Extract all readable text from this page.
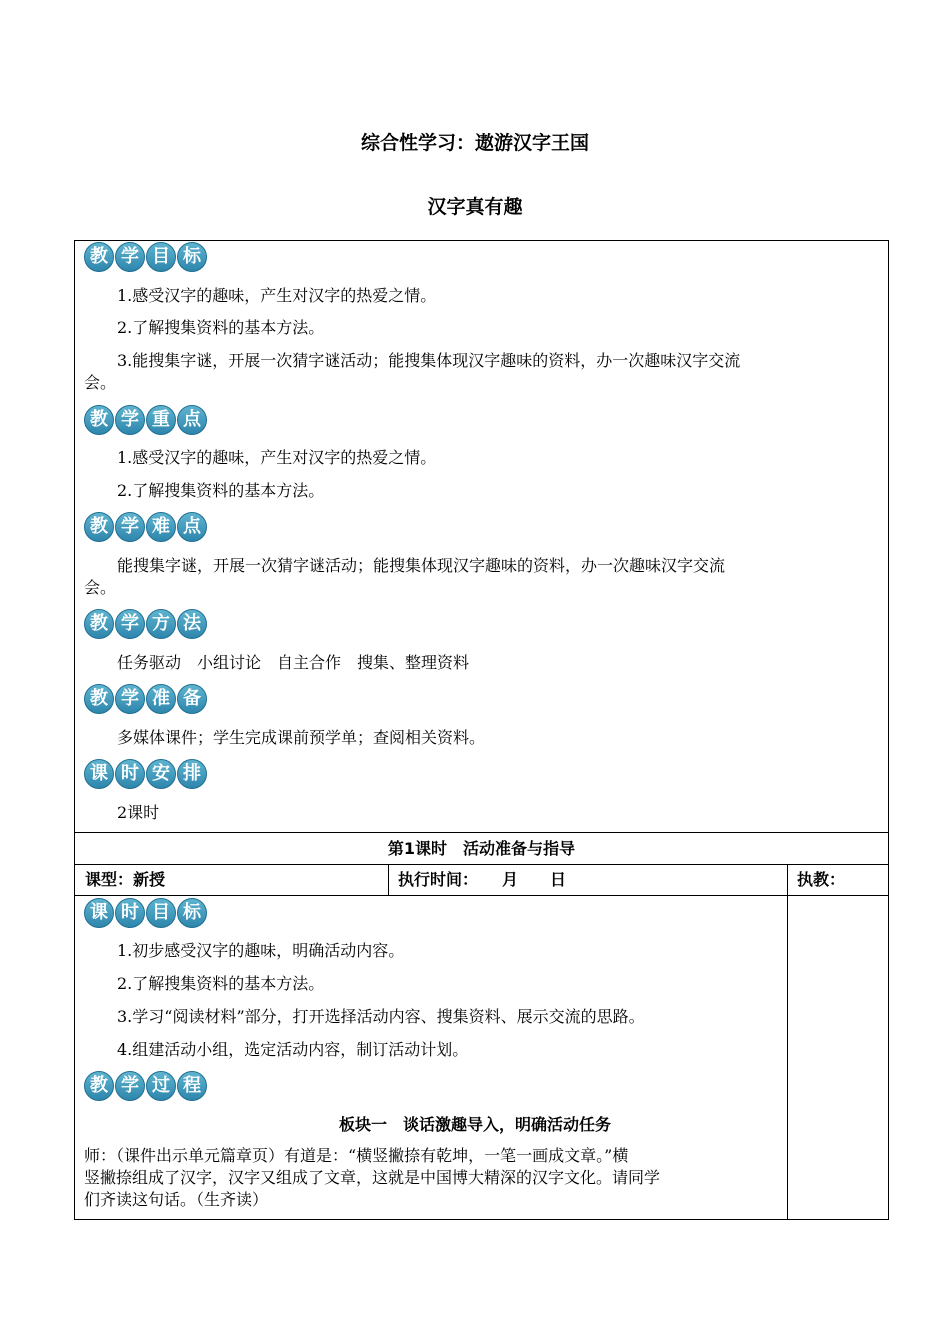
综合性学习：遨游汉字王国
汉字真有趣
教 学 目 标
1.感受汉字的趣味，产生对汉字的热爱之情。
2.了解搜集资料的基本方法。
3.能搜集字谜，开展一次猜字谜活动；能搜集体现汉字趣味的资料，办一次趣味汉字交流
会。
教 学 重 点
1.感受汉字的趣味，产生对汉字的热爱之情。
2.了解搜集资料的基本方法。
教 学 难 点
能搜集字谜，开展一次猜字谜活动；能搜集体现汉字趣味的资料，办一次趣味汉字交流
会。
教 学 方 法
任务驱动　小组讨论　自主合作　搜集、整理资料
教 学 准 备
多媒体课件；学生完成课前预学单；查阅相关资料。
课 时 安 排
2课时
第1课时　活动准备与指导
课型：新授	执行时间：　　月　　日	执教：
课 时 目 标
1.初步感受汉字的趣味，明确活动内容。
2.了解搜集资料的基本方法。
3.学习“阅读材料”部分，打开选择活动内容、搜集资料、展示交流的思路。
4.组建活动小组，选定活动内容，制订活动计划。
教 学 过 程
板块一　谈话激趣导入，明确活动任务
师：（课件出示单元篇章页）有道是：“横竖撇捺有乾坤，一笔一画成文章。”横
竖撇捺组成了汉字，汉字又组成了文章，这就是中国博大精深的汉字文化。请同学
们齐读这句话。（生齐读）
